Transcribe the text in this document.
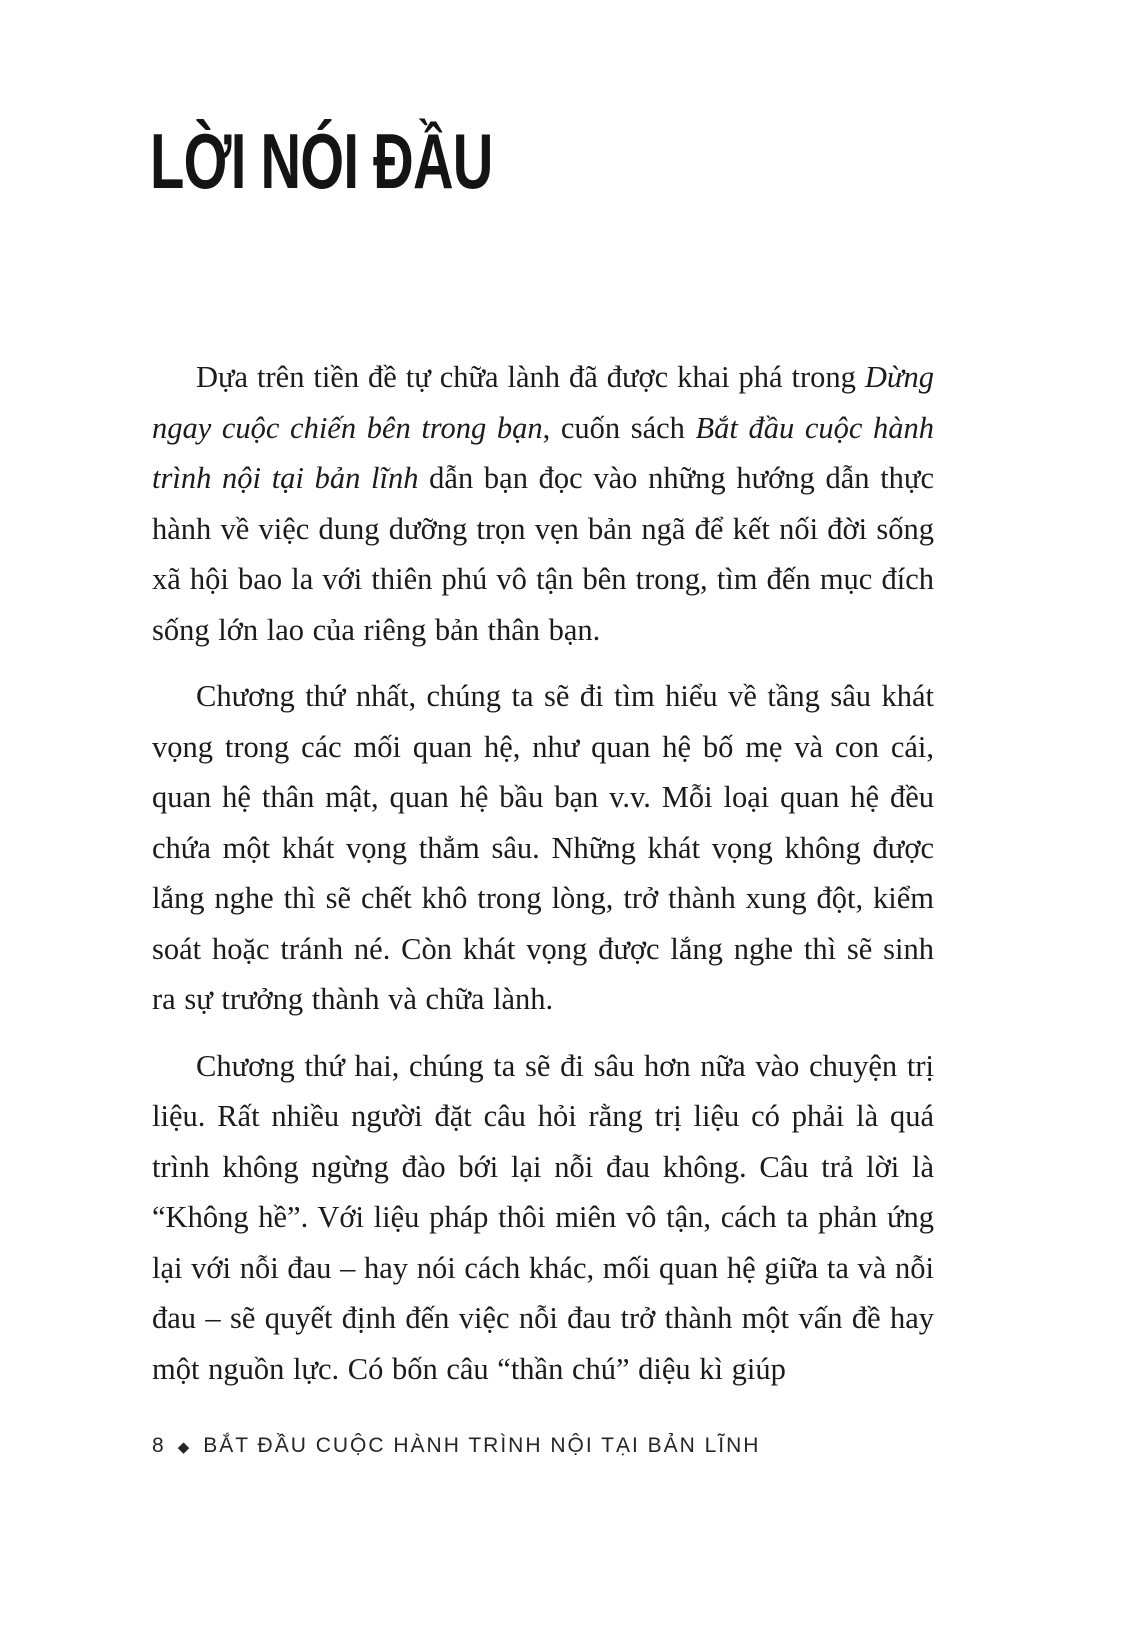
LỜI NÓI ĐẦU

Dựa trên tiền đề tự chữa lành đã được khai phá trong Dừng ngay cuộc chiến bên trong bạn, cuốn sách Bắt đầu cuộc hành trình nội tại bản lĩnh dẫn bạn đọc vào những hướng dẫn thực hành về việc dung dưỡng trọn vẹn bản ngã để kết nối đời sống xã hội bao la với thiên phú vô tận bên trong, tìm đến mục đích sống lớn lao của riêng bản thân bạn.

Chương thứ nhất, chúng ta sẽ đi tìm hiểu về tầng sâu khát vọng trong các mối quan hệ, như quan hệ bố mẹ và con cái, quan hệ thân mật, quan hệ bầu bạn v.v. Mỗi loại quan hệ đều chứa một khát vọng thẳm sâu. Những khát vọng không được lắng nghe thì sẽ chết khô trong lòng, trở thành xung đột, kiểm soát hoặc tránh né. Còn khát vọng được lắng nghe thì sẽ sinh ra sự trưởng thành và chữa lành.

Chương thứ hai, chúng ta sẽ đi sâu hơn nữa vào chuyện trị liệu. Rất nhiều người đặt câu hỏi rằng trị liệu có phải là quá trình không ngừng đào bới lại nỗi đau không. Câu trả lời là “Không hề”. Với liệu pháp thôi miên vô tận, cách ta phản ứng lại với nỗi đau – hay nói cách khác, mối quan hệ giữa ta và nỗi đau – sẽ quyết định đến việc nỗi đau trở thành một vấn đề hay một nguồn lực. Có bốn câu “thần chú” diệu kì giúp

8 ◆ BẮT ĐẦU CUỘC HÀNH TRÌNH NỘI TẠI BẢN LĨNH
